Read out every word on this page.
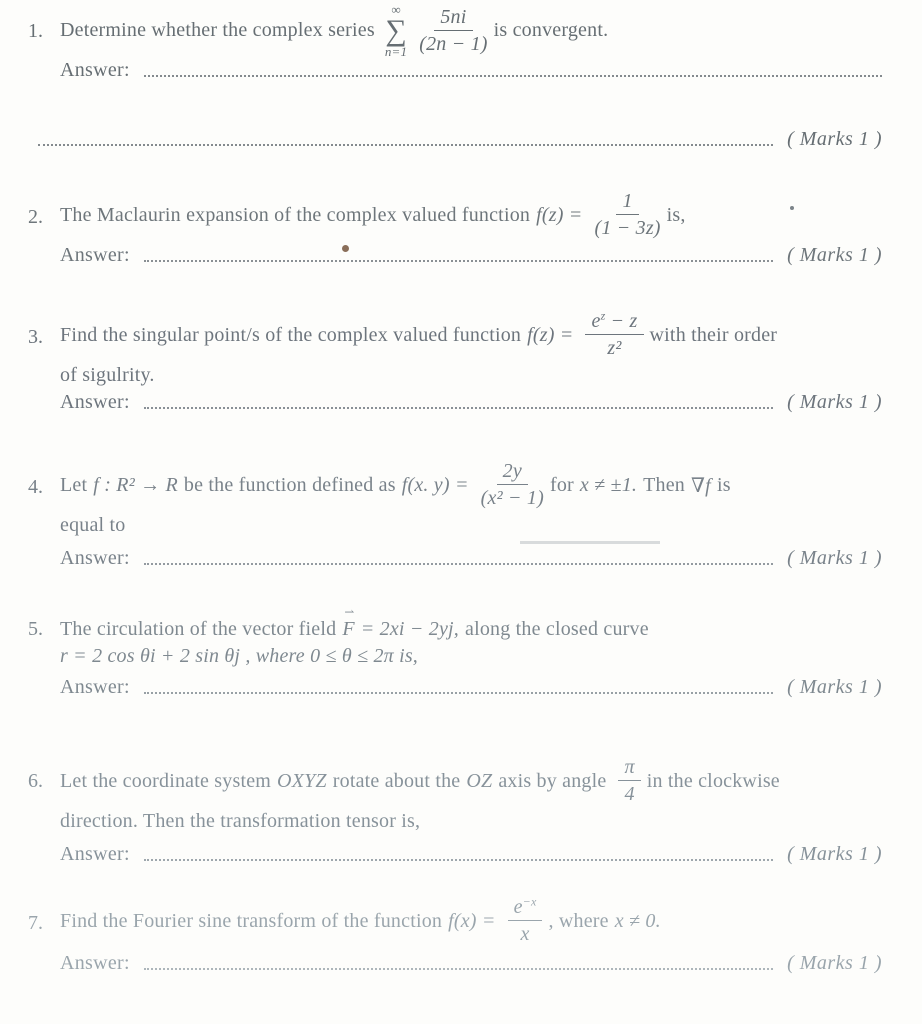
1. Determine whether the complex series
∞
∑
$n=1 \frac{5ni}{(2n - 1)}$ is convergent.
Answer:
( Marks 1 )
2. The Maclaurin expansion of the complex valued function $f(z) = \frac{1}{(1 - 3z)}$ is,
Answer:	( Marks 1 )
3. Find the singular point/s of the complex valued function $f(z) = \frac{e^z - z}{\text{z²}}$ with their order
of sigulrity.
Answer:	( Marks 1 )
4. Let f : R² → R be the function defined as f(x. $y) = \frac{2y}{\text{(x² − 1)}}$ for x ≠ ±1. Then ∇f is
equal to
Answer:	( Marks 1 )
5. The circulation of the vector field
⇀
F = 2xi − 2yj, along the closed curve
r = 2 cos θi + 2 sin θj , where 0 ≤ θ ≤ 2π is,
Answer:	( Marks 1 )
6. Let the coordinate system OXYZ rotate about the OZ axis by angle $\frac{\pi}{4}$ in the clockwise
direction. Then the transformation tensor is,
Answer:	( Marks 1 )
7. Find the Fourier sine transform of the function $f(x) = \frac{e^{-x}}{x}$ , where x ≠ 0.
Answer:	( Marks 1 )
